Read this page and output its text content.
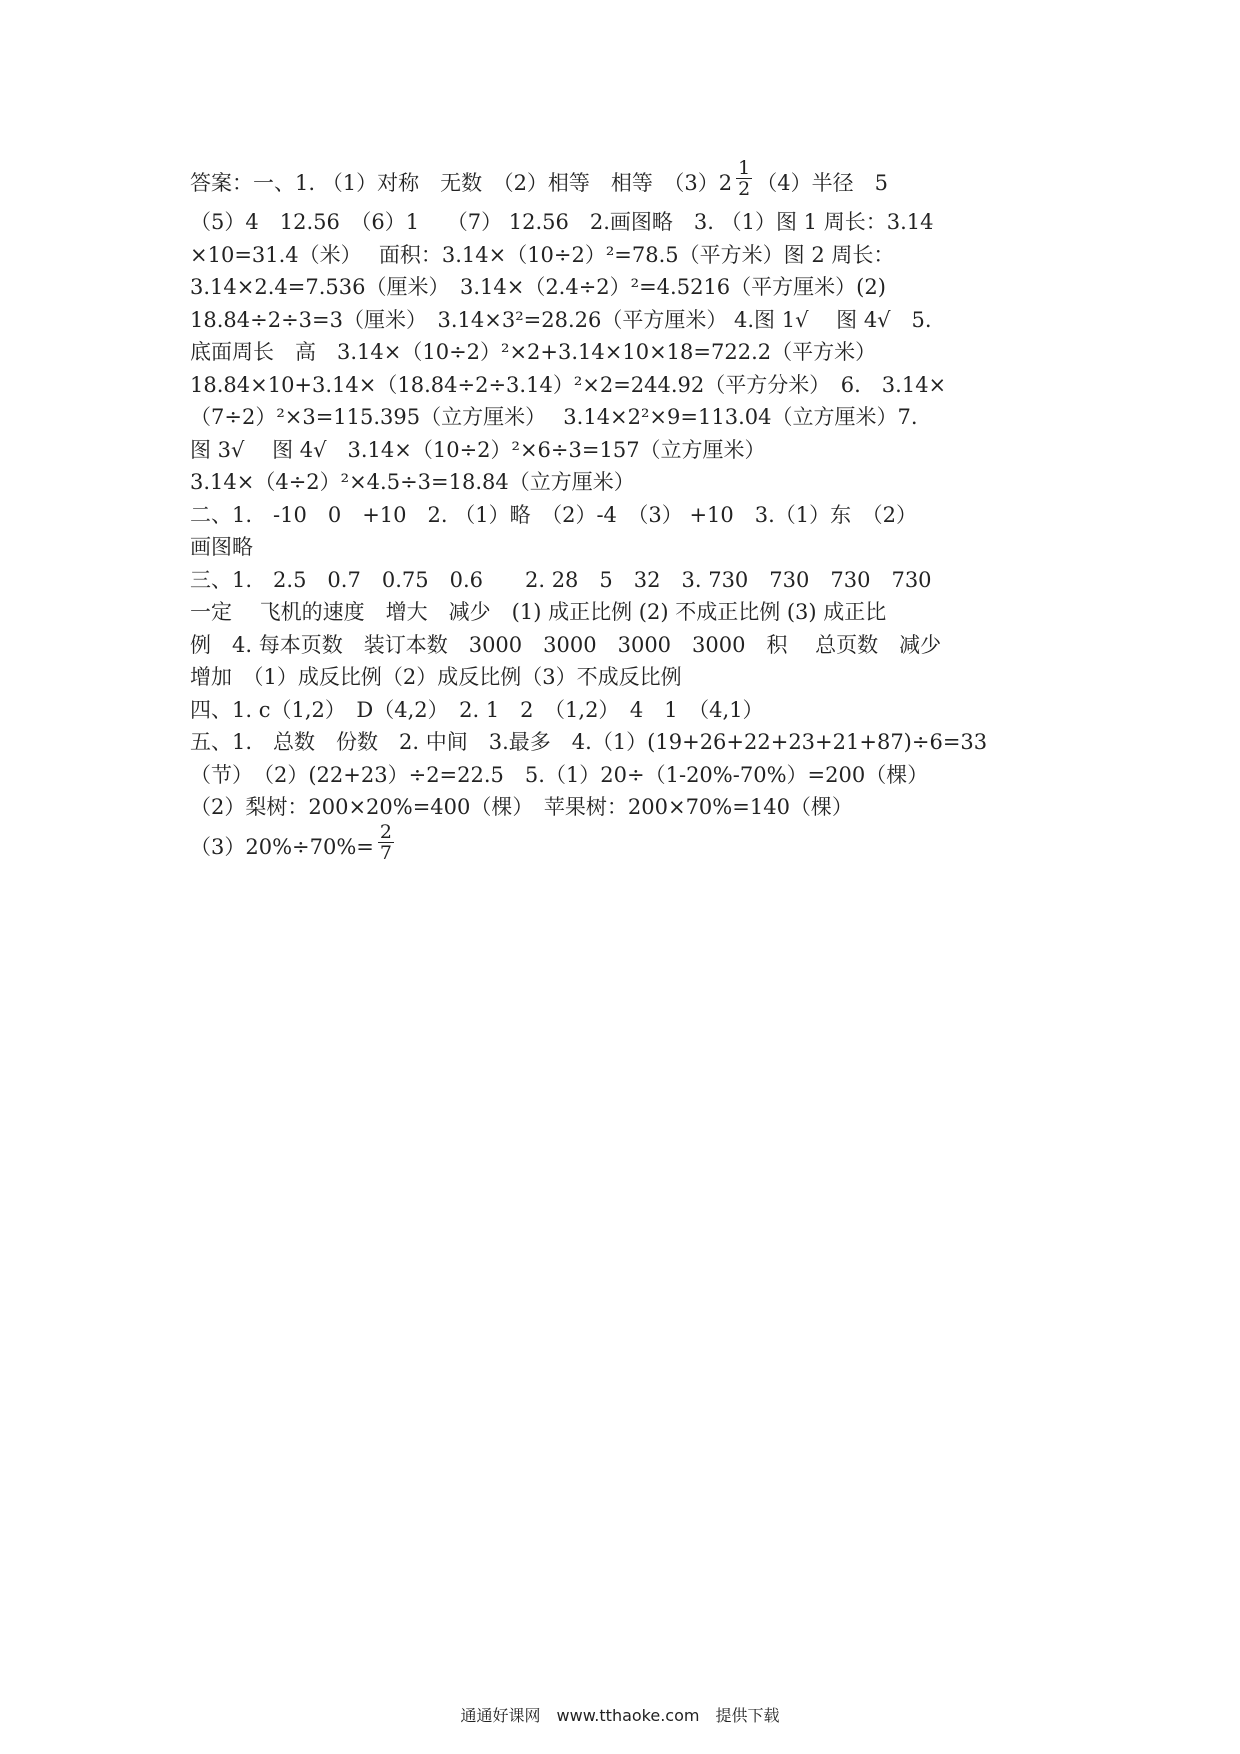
答案：一、1. （1）对称　无数　（2）相等　相等　$(3)2 \frac{1}{2} (4)$半径　5
（5）4　12.56　（6）1　 （7） 12.56　2.画图略　3. （1）图 1 周长：3.14
×10=31.4（米）　 面积：3.14×（10÷2）²=78.5（平方米）图 2 周长：
3.14×2.4=7.536（厘米）　3.14×（2.4÷2）²=4.5216（平方厘米）(2)
18.84÷2÷3=3（厘米）　3.14×3²=28.26（平方厘米） 4.图 1√　 图 4√　5.
底面周长　高　3.14×（10÷2）²×2+3.14×10×18=722.2（平方米）
18.84×10+3.14×（18.84÷2÷3.14）²×2=244.92（平方分米）　6.　3.14×
（7÷2）²×3=115.395（立方厘米）　 3.14×2²×9=113.04（立方厘米）7.
图 3√　 图 4√　3.14×（10÷2）²×6÷3=157（立方厘米）
3.14×（4÷2）²×4.5÷3=18.84（立方厘米）
二、1.　-10　0　+10　2. （1）略　（2）-4　（3） +10　3.（1）东　（2）
画图略
三、1.　2.5　0.7　0.75　0.6　　2. 28　5　32　3. 730　730　730　730
一定　 飞机的速度　增大　减少　(1) 成正比例 (2) 不成正比例 (3) 成正比
例　4. 每本页数　装订本数　3000　3000　3000　3000　积　 总页数　减少
增加　（1）成反比例（2）成反比例（3）不成反比例
四、1. c（1,2）　D（4,2）　2. 1　2　（1,2）　4　1　（4,1）
五、1.　总数　份数　2. 中间　3.最多　4.（1）(19+26+22+23+21+87)÷6=33
（节）　（2）(22+23）÷2=22.5　5.（1）20÷（1-20%-70%）=200（棵）
（2）梨树：200×20%=400（棵）　苹果树：200×70%=140（棵）
$(3)20\%\div 70\%= \frac{2}{7}$
通通好课网　www.tthaoke.com　提供下载
